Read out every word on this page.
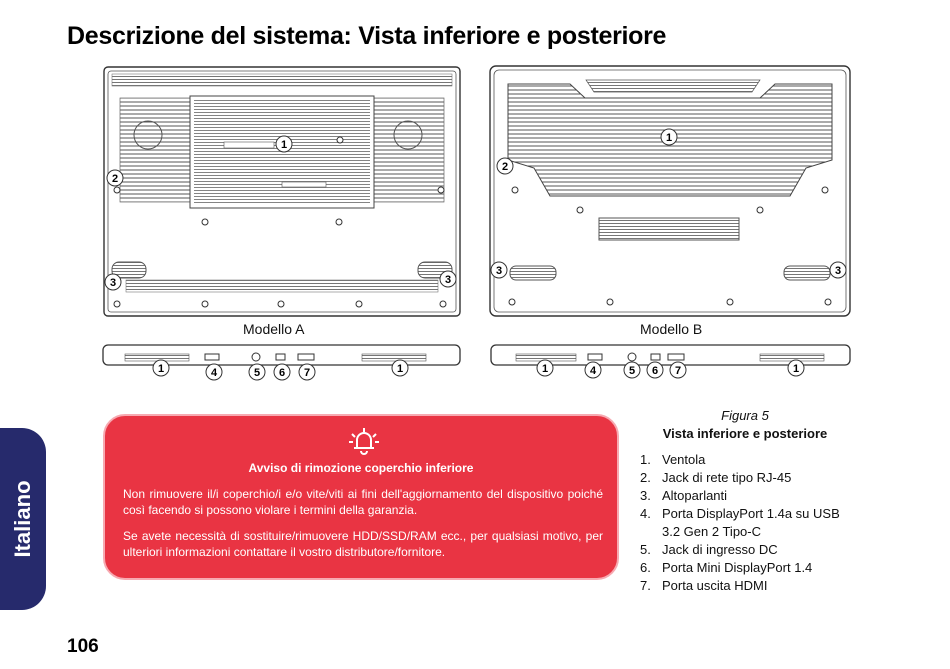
Descrizione del sistema: Vista inferiore e posteriore
1
2
3	3
1
2
3	3
1	4	5 6 7	1	1	4	5 6 7	1
Modello A	Modello B
Avviso di rimozione coperchio inferiore

Non rimuovere il/i coperchio/i e/o vite/viti ai fini dell'aggiornamento del dispositivo poiché così facendo si possono violare i termini della garanzia.

Se avete necessità di sostituire/rimuovere HDD/SSD/RAM ecc., per qualsiasi motivo, per ulteriori informazioni contattare il vostro distributore/fornitore.

Figura 5
Vista inferiore e posteriore
1. Ventola
2. Jack di rete tipo RJ-45
3. Altoparlanti
4. Porta DisplayPort 1.4a su USB 3.2 Gen 2 Tipo-C
5. Jack di ingresso DC
6. Porta Mini DisplayPort 1.4
7. Porta uscita HDMI
Italiano
106
